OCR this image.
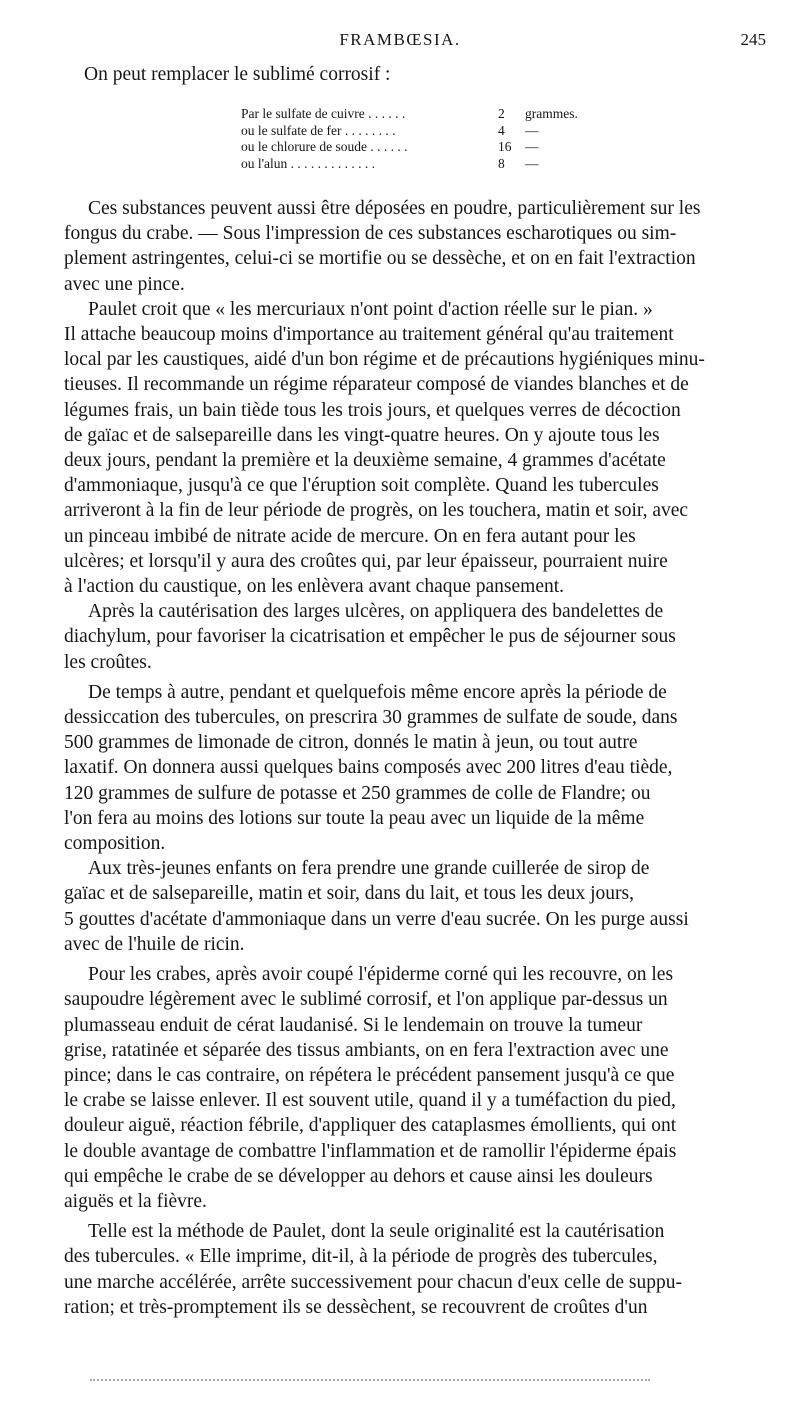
FRAMBŒSIA.	245
On peut remplacer le sublimé corrosif :
Par le sulfate de cuivre . . . . . .	2 grammes.
ou le sulfate de fer . . . . . . . .	4 —
ou le chlorure de soude . . . . . .	16 —
ou l'alun . . . . . . . . . . . . .	8 —

Ces substances peuvent aussi être déposées en poudre, particulièrement sur les
fongus du crabe. — Sous l'impression de ces substances escharotiques ou sim-
plement astringentes, celui-ci se mortifie ou se dessèche, et on en fait l'extraction
avec une pince.

Paulet croit que « les mercuriaux n'ont point d'action réelle sur le pian. »
Il attache beaucoup moins d'importance au traitement général qu'au traitement
local par les caustiques, aidé d'un bon régime et de précautions hygiéniques minu-
tieuses. Il recommande un régime réparateur composé de viandes blanches et de
légumes frais, un bain tiède tous les trois jours, et quelques verres de décoction
de gaïac et de salsepareille dans les vingt-quatre heures. On y ajoute tous les
deux jours, pendant la première et la deuxième semaine, 4 grammes d'acétate
d'ammoniaque, jusqu'à ce que l'éruption soit complète. Quand les tubercules
arriveront à la fin de leur période de progrès, on les touchera, matin et soir, avec
un pinceau imbibé de nitrate acide de mercure. On en fera autant pour les
ulcères; et lorsqu'il y aura des croûtes qui, par leur épaisseur, pourraient nuire
à l'action du caustique, on les enlèvera avant chaque pansement.

Après la cautérisation des larges ulcères, on appliquera des bandelettes de
diachylum, pour favoriser la cicatrisation et empêcher le pus de séjourner sous
les croûtes.

De temps à autre, pendant et quelquefois même encore après la période de
dessiccation des tubercules, on prescrira 30 grammes de sulfate de soude, dans
500 grammes de limonade de citron, donnés le matin à jeun, ou tout autre
laxatif. On donnera aussi quelques bains composés avec 200 litres d'eau tiède,
120 grammes de sulfure de potasse et 250 grammes de colle de Flandre; ou
l'on fera au moins des lotions sur toute la peau avec un liquide de la même
composition.

Aux très-jeunes enfants on fera prendre une grande cuillerée de sirop de
gaïac et de salsepareille, matin et soir, dans du lait, et tous les deux jours,
5 gouttes d'acétate d'ammoniaque dans un verre d'eau sucrée. On les purge aussi
avec de l'huile de ricin.

Pour les crabes, après avoir coupé l'épiderme corné qui les recouvre, on les
saupoudre légèrement avec le sublimé corrosif, et l'on applique par-dessus un
plumasseau enduit de cérat laudanisé. Si le lendemain on trouve la tumeur
grise, ratatinée et séparée des tissus ambiants, on en fera l'extraction avec une
pince; dans le cas contraire, on répétera le précédent pansement jusqu'à ce que
le crabe se laisse enlever. Il est souvent utile, quand il y a tuméfaction du pied,
douleur aiguë, réaction fébrile, d'appliquer des cataplasmes émollients, qui ont
le double avantage de combattre l'inflammation et de ramollir l'épiderme épais
qui empêche le crabe de se développer au dehors et cause ainsi les douleurs
aiguës et la fièvre.

Telle est la méthode de Paulet, dont la seule originalité est la cautérisation
des tubercules. « Elle imprime, dit-il, à la période de progrès des tubercules,
une marche accélérée, arrête successivement pour chacun d'eux celle de suppu-
ration; et très-promptement ils se dessèchent, se recouvrent de croûtes d'un
